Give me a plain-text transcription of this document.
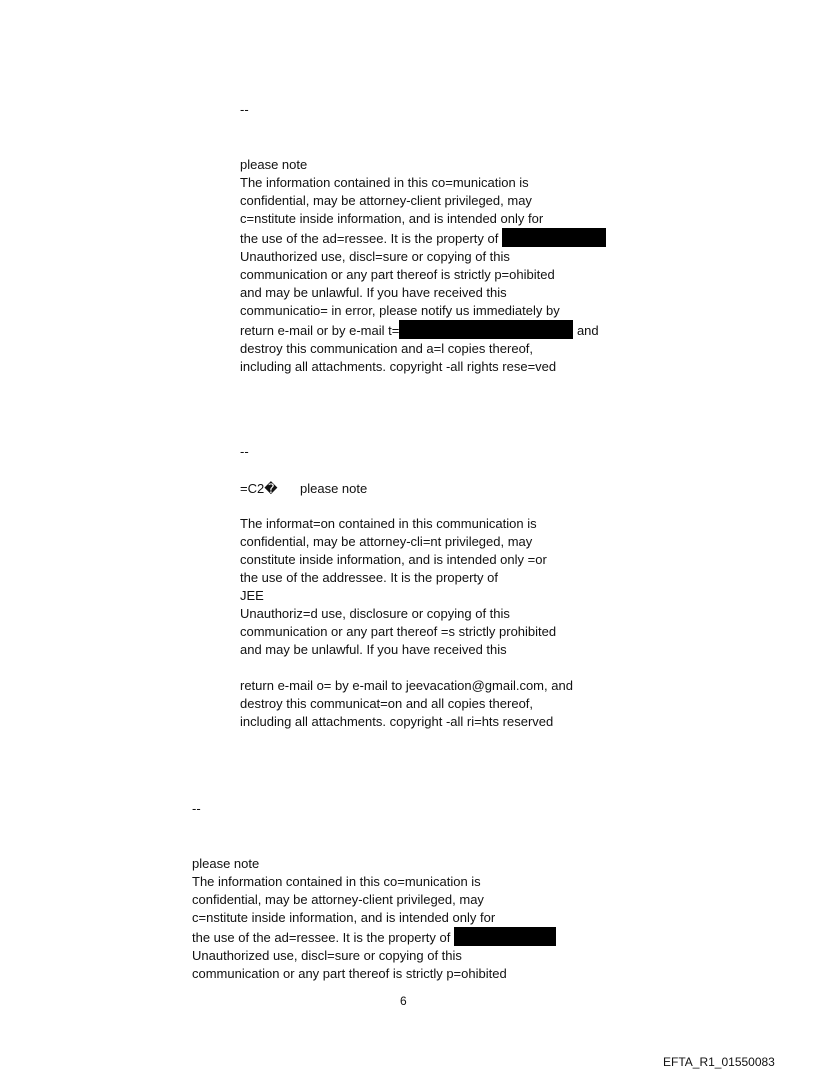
--
please note
The information contained in this co=munication is
confidential, may be attorney-client privileged, may
c=nstitute inside information, and is intended only for
the use of the ad=ressee. It is the property of
Unauthorized use, discl=sure or copying of this
communication or any part thereof is strictly p=ohibited
and may be unlawful. If you have received this
communicatio= in error, please notify us immediately by
return e-mail or by e-mail t=	and
destroy this communication and a=l copies thereof,
including all attachments. copyright -all rights rese=ved
--
=C2� please note
The informat=on contained in this communication is
confidential, may be attorney-cli=nt privileged, may
constitute inside information, and is intended only =or
the use of the addressee. It is the property of
JEE
Unauthoriz=d use, disclosure or copying of this
communication or any part thereof =s strictly prohibited
and may be unlawful. If you have received this
return e-mail o= by e-mail to jeevacation@gmail.com, and
destroy this communicat=on and all copies thereof,
including all attachments. copyright -all ri=hts reserved
--
please note
The information contained in this co=munication is
confidential, may be attorney-client privileged, may
c=nstitute inside information, and is intended only for
the use of the ad=ressee. It is the property of
Unauthorized use, discl=sure or copying of this
communication or any part thereof is strictly p=ohibited
6
EFTA_R1_01550083
